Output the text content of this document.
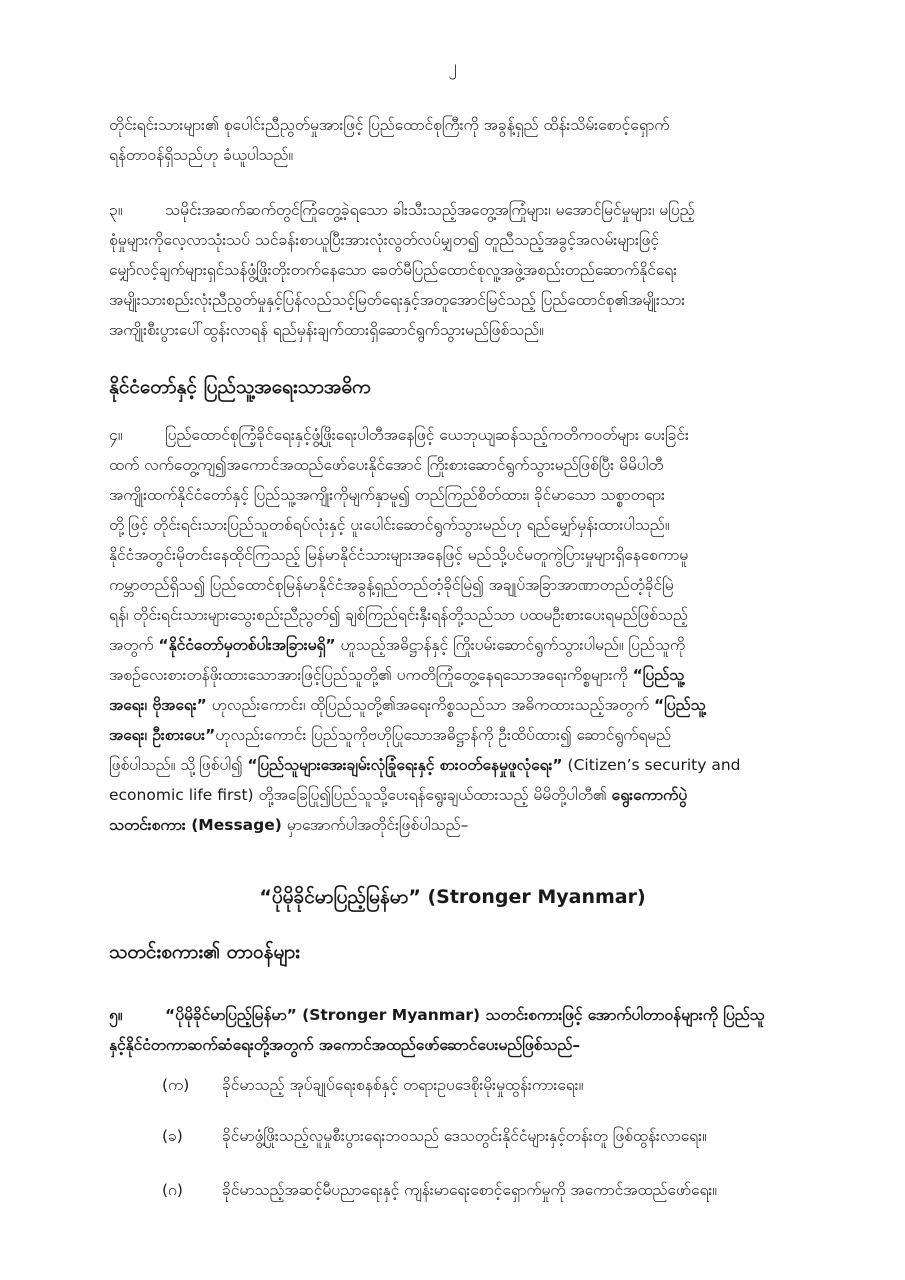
၂
တိုင်းရင်းသားများ၏ စုပေါင်းညီညွတ်မှုအားဖြင့် ပြည်ထောင်စုကြီးကို အခွန့်ရှည် ထိန်းသိမ်းစောင့်ရှောက်
ရန်တာဝန်ရှိသည်ဟု ခံယူပါသည်။
၃။	သမိုင်းအဆက်ဆက်တွင်ကြုံတွေ့ခဲ့ရသော ခါးသီးသည့်အတွေ့အကြုံများ၊ မအောင်မြင်မှုများ၊ မပြည့်
စုံမှုများကိုလေ့လာသုံးသပ် သင်ခန်းစာယူပြီးအားလုံးလွတ်လပ်မျှတ၍ တူညီသည့်အခွင့်အလမ်းများဖြင့်
မျှော်လင့်ချက်များရှင်သန်ဖွံ့ဖြိုးတိုးတက်နေသော ခေတ်မီပြည်ထောင်စုလူ့အဖွဲ့အစည်းတည်ဆောက်နိုင်ရေး
အမျိုးသားစည်းလုံးညီညွတ်မှုနှင့်ပြန်လည်သင့်မြတ်ရေးနှင့်အတူအောင်မြင်သည့် ပြည်ထောင်စု၏အမျိုးသား
အကျိုးစီးပွားပေါ်ထွန်းလာရန် ရည်မှန်းချက်ထားရှိဆောင်ရွက်သွားမည်ဖြစ်သည်။
နိုင်ငံတော်နှင့် ပြည်သူ့အရေးသာအဓိက
၄။	ပြည်ထောင်စုကြံ့ခိုင်ရေးနှင့်ဖွံ့ဖြိုးရေးပါတီအနေဖြင့် ယေဘုယျဆန်သည့်ကတိကဝတ်များ ပေးခြင်း
ထက် လက်တွေ့ကျ၍အကောင်အထည်ဖော်ပေးနိုင်အောင် ကြိုးစားဆောင်ရွက်သွားမည်ဖြစ်ပြီး မိမိပါတီ
အကျိုးထက်နိုင်ငံတော်နှင့် ပြည်သူ့အကျိုးကိုမျက်နှာမူ၍ တည်ကြည်စိတ်ထား၊ ခိုင်မာသော သစ္စာတရား
တို့ဖြင့် တိုင်းရင်းသားပြည်သူတစ်ရပ်လုံးနှင့် ပူးပေါင်းဆောင်ရွက်သွားမည်ဟု ရည်မျှော်မှန်းထားပါသည်။
နိုင်ငံအတွင်းမိုတင်းနေထိုင်ကြသည့် မြန်မာနိုင်ငံသားများအနေဖြင့် မည်သို့ပင်မတူကွဲပြားမှုများရှိနေစေကာမူ
ကမ္ဘာတည်ရှိသ၍ ပြည်ထောင်စုမြန်မာနိုင်ငံအခွန့်ရှည်တည်တံ့ခိုင်မြဲ၍ အချုပ်အခြာအာဏာတည်တံ့ခိုင်မြဲ
ရန်၊ တိုင်းရင်းသားများသွေးစည်းညီညွတ်၍ ချစ်ကြည်ရင်းနှီးရန်တို့သည်သာ ပထမဦးစားပေးရမည်ဖြစ်သည့်
အတွက် “နိုင်ငံတော်မှတစ်ပါးအခြားမရှိ” ဟူသည့်အဓိဋ္ဌာန်နှင့် ကြိုးပမ်းဆောင်ရွက်သွားပါမည်။ ပြည်သူကို
အစဉ်လေးစားတန်ဖိုးထားသောအားဖြင့်ပြည်သူတို့၏ ပကတိကြုံတွေ့နေရသောအရေးကိစ္စများကို “ပြည်သူ့
အရေး၊ ဗိုအရေး” ဟုလည်းကောင်း၊ ထိုပြည်သူတို့၏အရေးကိစ္စသည်သာ အဓိကထားသည့်အတွက် “ပြည်သူ့
အရေး၊ ဦးစားပေး”ဟုလည်းကောင်း ပြည်သူကိုဗဟိုပြုသောအဓိဋ္ဌာန်ကို ဦးထိပ်ထား၍ ဆောင်ရွက်ရမည်
ဖြစ်ပါသည်။ သို့ဖြစ်ပါ၍ “ပြည်သူများအေးချမ်းလုံခြုံရေးနှင့် စားဝတ်နေမှုဖူလုံရေး” (Citizen’s security and
economic life first) တို့အခြေပြု၍ပြည်သူသို့ပေးရန်ရွေးချယ်ထားသည့် မိမိတို့ပါတီ၏ ရွေးကောက်ပွဲ
သတင်းစကား (Message) မှာအောက်ပါအတိုင်းဖြစ်ပါသည်–
“ပိုမိုခိုင်မာပြည့်မြန်မာ” (Stronger Myanmar)
သတင်းစကား၏ တာဝန်များ
၅။	“ပိုမိုခိုင်မာပြည့်မြန်မာ” (Stronger Myanmar) သတင်းစကားဖြင့် အောက်ပါတာဝန်များကို ပြည်သူ
နှင့်နိုင်ငံတကာဆက်ဆံရေးတို့အတွက် အကောင်အထည်ဖော်ဆောင်ပေးမည်ဖြစ်သည်–
(က) ခိုင်မာသည့် အုပ်ချုပ်ရေးစနစ်နှင့် တရားဥပဒေစိုးမိုးမှုထွန်းကားရေး။
(ခ)	ခိုင်မာဖွံ့ဖြိုးသည့်လူမှုစီးပွားရေးဘဝသည် ဒေသတွင်းနိုင်ငံများနှင့်တန်းတူ ဖြစ်ထွန်းလာရေး။
(ဂ)	ခိုင်မာသည့်အဆင့်မီပညာရေးနှင့် ကျန်းမာရေးစောင့်ရှောက်မှုကို အကောင်အထည်ဖော်ရေး။
